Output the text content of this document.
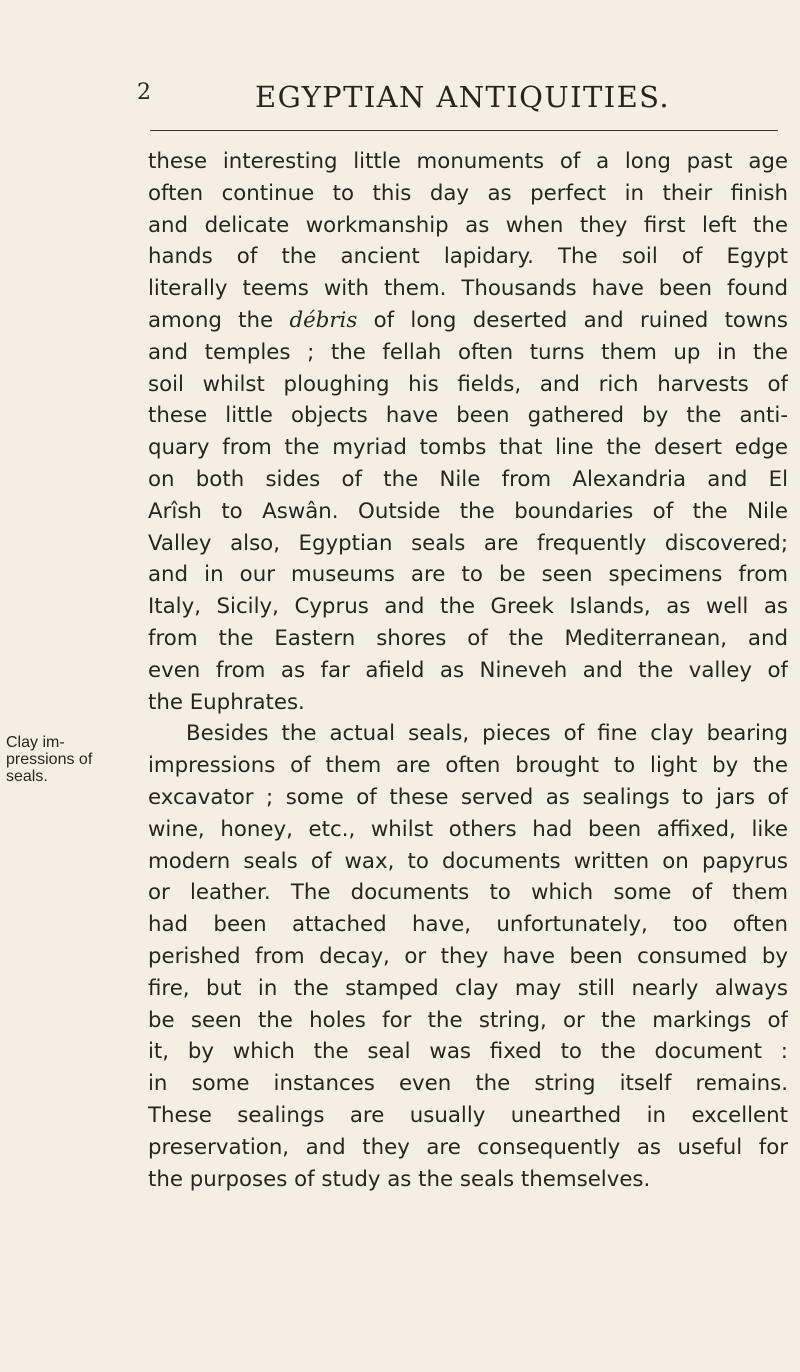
2	EGYPTIAN ANTIQUITIES.
Clay im-
pressions of
seals.
these interesting little monuments of a long past age
often continue to this day as perfect in their finish
and delicate workmanship as when they first left the
hands of the ancient lapidary. The soil of Egypt
literally teems with them. Thousands have been found
among the débris of long deserted and ruined towns
and temples ; the fellah often turns them up in the
soil whilst ploughing his fields, and rich harvests of
these little objects have been gathered by the anti-
quary from the myriad tombs that line the desert edge
on both sides of the Nile from Alexandria and El
Arîsh to Aswân. Outside the boundaries of the Nile
Valley also, Egyptian seals are frequently discovered;
and in our museums are to be seen specimens from
Italy, Sicily, Cyprus and the Greek Islands, as well as
from the Eastern shores of the Mediterranean, and
even from as far afield as Nineveh and the valley of
the Euphrates.
Besides the actual seals, pieces of fine clay bearing
impressions of them are often brought to light by the
excavator ; some of these served as sealings to jars of
wine, honey, etc., whilst others had been affixed, like
modern seals of wax, to documents written on papyrus
or leather. The documents to which some of them
had been attached have, unfortunately, too often
perished from decay, or they have been consumed by
fire, but in the stamped clay may still nearly always
be seen the holes for the string, or the markings of
it, by which the seal was fixed to the document :
in some instances even the string itself remains.
These sealings are usually unearthed in excellent
preservation, and they are consequently as useful for
the purposes of study as the seals themselves.
